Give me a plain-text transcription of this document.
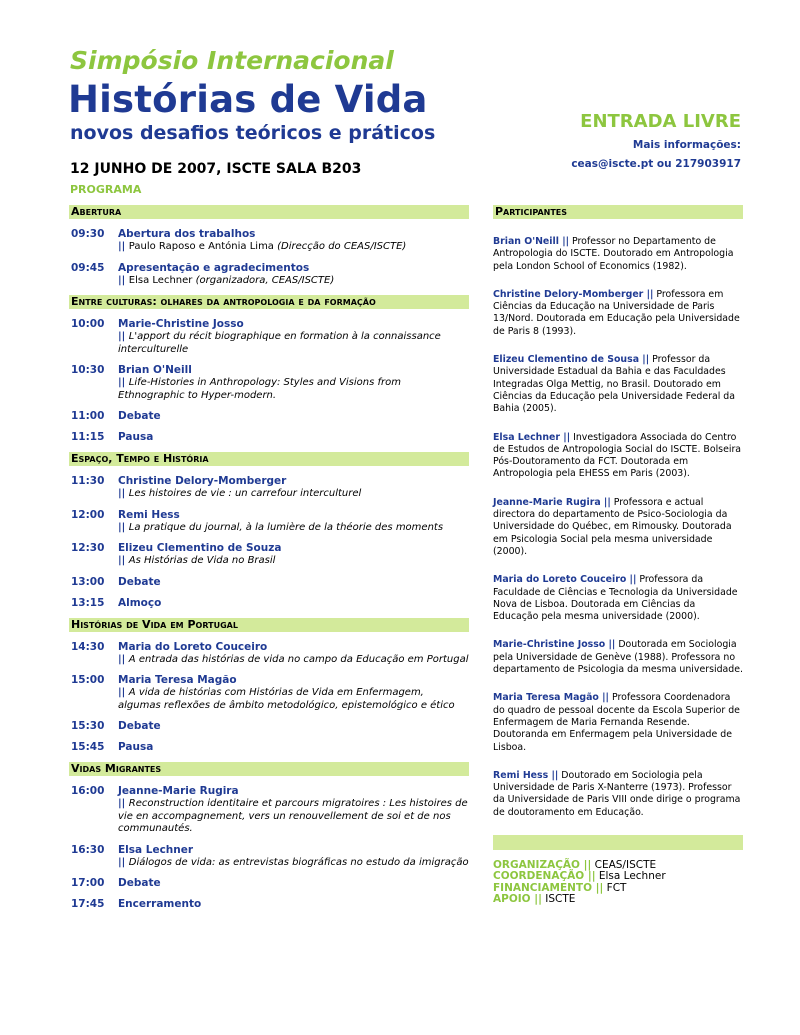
Simpósio Internacional
Histórias de Vida
novos desafios teóricos e práticos
12 JUNHO DE 2007, ISCTE SALA B203
PROGRAMA
ENTRADA LIVRE
Mais informações:
ceas@iscte.pt ou 217903917
Abertura
09:30	Abertura dos trabalhos
|| Paulo Raposo e Antónia Lima (Direcção do CEAS/ISCTE)
09:45	Apresentação e agradecimentos
|| Elsa Lechner (organizadora, CEAS/ISCTE)
Entre culturas: olhares da antropologia e da formação
10:00	Marie-Christine Josso
|| L'apport du récit biographique en formation à la connaissance interculturelle
10:30	Brian O'Neill
|| Life-Histories in Anthropology: Styles and Visions from Ethnographic to Hyper-modern.
11:00	Debate
11:15	Pausa
Espaço, Tempo e História
11:30	Christine Delory-Momberger
|| Les histoires de vie : un carrefour interculturel
12:00	Remi Hess
|| La pratique du journal, à la lumière de la théorie des moments
12:30	Elizeu Clementino de Souza
|| As Histórias de Vida no Brasil
13:00	Debate
13:15	Almoço
Histórias de Vida em Portugal
14:30	Maria do Loreto Couceiro
|| A entrada das histórias de vida no campo da Educação em Portugal
15:00	Maria Teresa Magão
|| A vida de histórias com Histórias de Vida em Enfermagem, algumas reflexões de âmbito metodológico, epistemológico e ético
15:30	Debate
15:45	Pausa
Vidas Migrantes
16:00	Jeanne-Marie Rugira
|| Reconstruction identitaire et parcours migratoires : Les histoires de vie en accompagnement, vers un renouvellement de soi et de nos communautés.
16:30	Elsa Lechner
|| Diálogos de vida: as entrevistas biográficas no estudo da imigração
17:00	Debate
17:45	Encerramento
Participantes
Brian O'Neill || Professor no Departamento de Antropologia do ISCTE. Doutorado em Antropologia pela London School of Economics (1982).
Christine Delory-Momberger || Professora em Ciências da Educação na Universidade de Paris 13/Nord. Doutorada em Educação pela Universidade de Paris 8 (1993).
Elizeu Clementino de Sousa || Professor da Universidade Estadual da Bahia e das Faculdades Integradas Olga Mettig, no Brasil. Doutorado em Ciências da Educação pela Universidade Federal da Bahia (2005).
Elsa Lechner || Investigadora Associada do Centro de Estudos de Antropologia Social do ISCTE. Bolseira Pós-Doutoramento da FCT. Doutorada em Antropologia pela EHESS em Paris (2003).
Jeanne-Marie Rugira || Professora e actual directora do departamento de Psico-Sociologia da Universidade do Québec, em Rimousky. Doutorada em Psicologia Social pela mesma universidade (2000).
Maria do Loreto Couceiro || Professora da Faculdade de Ciências e Tecnologia da Universidade Nova de Lisboa. Doutorada em Ciências da Educação pela mesma universidade (2000).
Marie-Christine Josso || Doutorada em Sociologia pela Universidade de Genève (1988). Professora no departamento de Psicologia da mesma universidade.
Maria Teresa Magão || Professora Coordenadora do quadro de pessoal docente da Escola Superior de Enfermagem de Maria Fernanda Resende. Doutoranda em Enfermagem pela Universidade de Lisboa.
Remi Hess || Doutorado em Sociologia pela Universidade de Paris X-Nanterre (1973). Professor da Universidade de Paris VIII onde dirige o programa de doutoramento em Educação.
ORGANIZAÇÃO || CEAS/ISCTE
COORDENAÇÃO || Elsa Lechner
FINANCIAMENTO || FCT
APOIO || ISCTE
